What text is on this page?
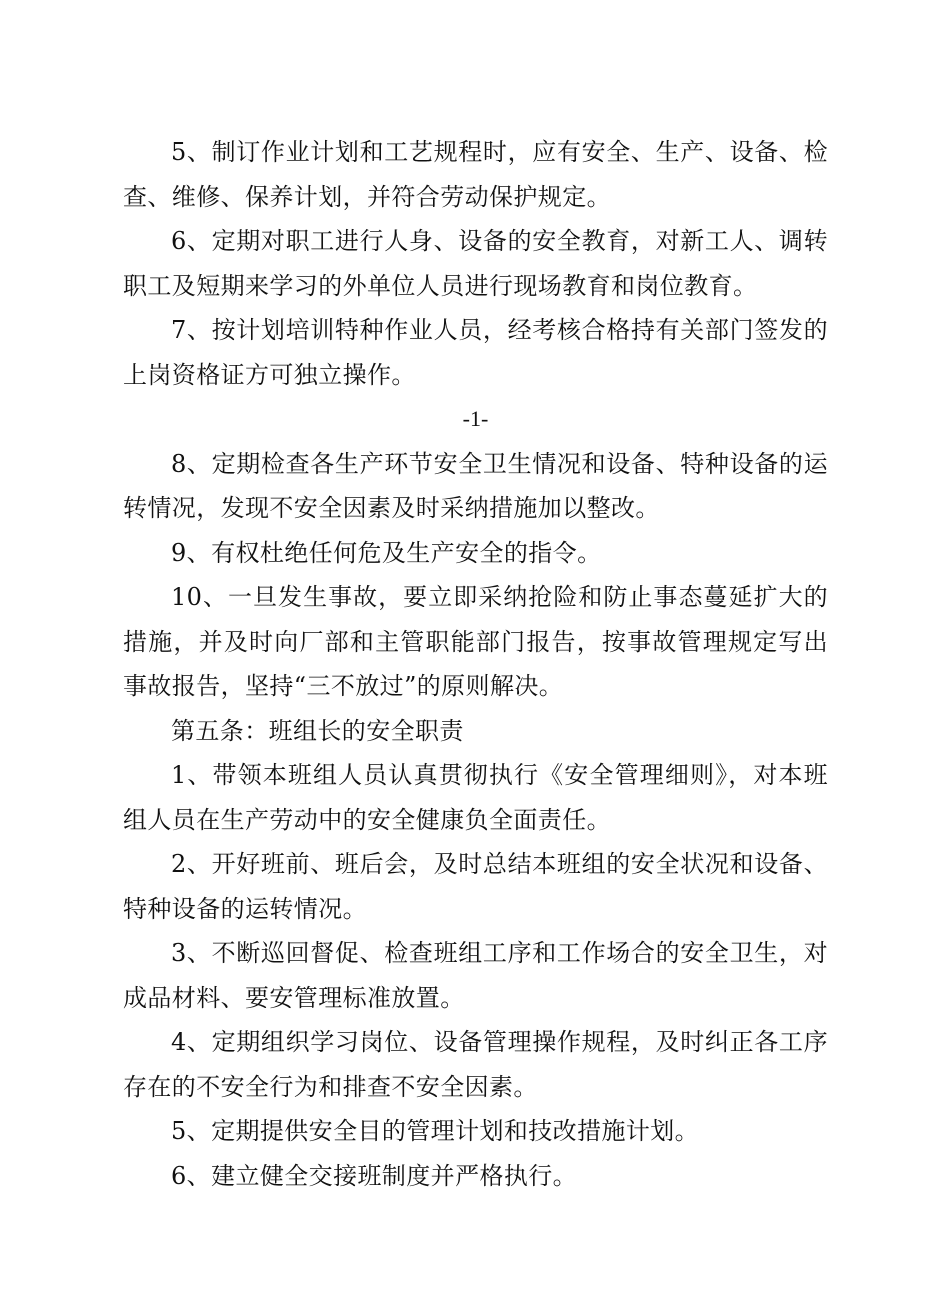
5、制订作业计划和工艺规程时，应有安全、生产、设备、检查、维修、保养计划，并符合劳动保护规定。

6、定期对职工进行人身、设备的安全教育，对新工人、调转职工及短期来学习的外单位人员进行现场教育和岗位教育。

7、按计划培训特种作业人员，经考核合格持有关部门签发的上岗资格证方可独立操作。

-1-

8、定期检查各生产环节安全卫生情况和设备、特种设备的运转情况，发现不安全因素及时采纳措施加以整改。

9、有权杜绝任何危及生产安全的指令。

10、一旦发生事故，要立即采纳抢险和防止事态蔓延扩大的措施，并及时向厂部和主管职能部门报告，按事故管理规定写出事故报告，坚持“三不放过”的原则解决。

第五条：班组长的安全职责

1、带领本班组人员认真贯彻执行《安全管理细则》，对本班组人员在生产劳动中的安全健康负全面责任。

2、开好班前、班后会，及时总结本班组的安全状况和设备、特种设备的运转情况。

3、不断巡回督促、检查班组工序和工作场合的安全卫生，对成品材料、要安管理标准放置。

4、定期组织学习岗位、设备管理操作规程，及时纠正各工序存在的不安全行为和排查不安全因素。

5、定期提供安全目的管理计划和技改措施计划。

6、建立健全交接班制度并严格执行。
